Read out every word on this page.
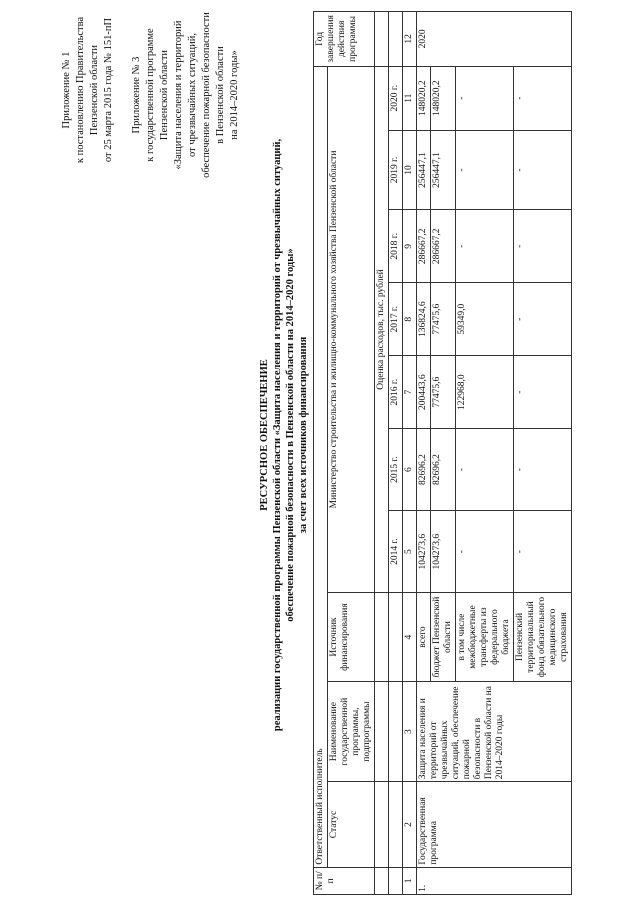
Приложение № 1 к постановлению Правительства Пензенской области от 25 марта 2015 года № 151-пП Приложение № 3 к государственной программе Пензенской области «Защита населения и территорий от чрезвычайных ситуаций, обеспечение пожарной безопасности в Пензенской области на 2014–2020 годы»
РЕСУРСНОЕ ОБЕСПЕЧЕНИЕ реализации государственной программы Пензенской области «Защита населения и территорий от чрезвычайных ситуаций, обеспечение пожарной безопасности в Пензенской области на 2014–2020 годы» за счет всех источников финансирования
№ п/п	Ответственный исполнитель										Год завершения действия программы
	Статус	Наименование государственной программы, подпрограммы	Источник финансирования	Министерство строительства и жилищно-коммунального хозяйства Пензенской области							

				Оценка расходов, тыс. рублей							
				2014 г.	2015 г.	2016 г.	2017 г.	2018 г.	2019 г.	2020 г.	
1	2	3	4	5	6	7	8	9	10	11	12
1.	Государственная программа	Защита населения и территорий от чрезвычайных ситуаций, обеспечение пожарной безопасности в Пензенской области на 2014–2020 годы	всего	104273,6	82696,2	200443,6	136824,6	286667,2	256447,1	148020,2	2020
			бюджет Пензенской области	104273,6	82696,2	77475,6	77475,6	286667,2	256447,1	148020,2	
			в том числе межбюджетные трансферты из федерального бюджета	-	-	122968,0	59349,0	-	-	-	
			Пензенский территориальный фонд обязательного медицинского страхования	-	-	-	-	-	-	-	
